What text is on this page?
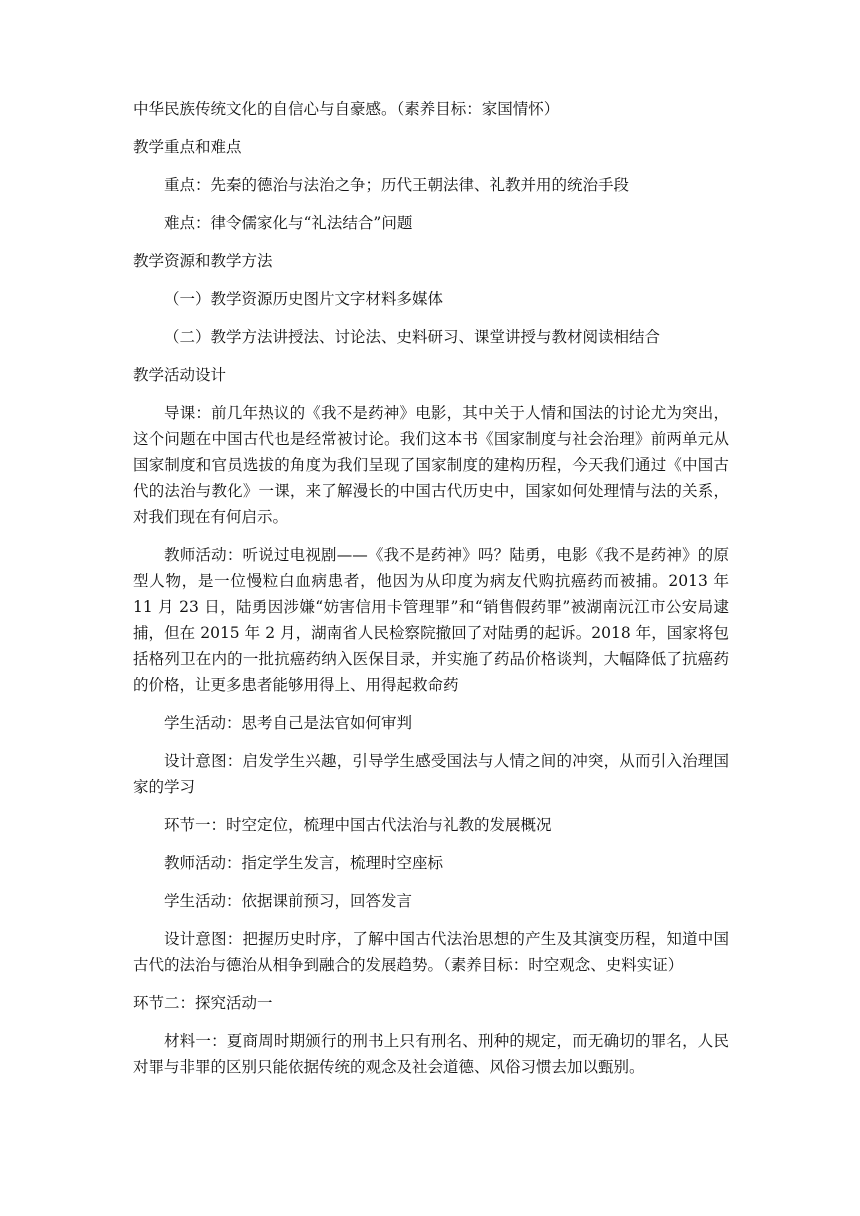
中华民族传统文化的自信心与自豪感。（素养目标：家国情怀）

教学重点和难点

重点：先秦的德治与法治之争；历代王朝法律、礼教并用的统治手段

难点：律令儒家化与“礼法结合”问题

教学资源和教学方法

（一）教学资源历史图片文字材料多媒体

（二）教学方法讲授法、讨论法、史料研习、课堂讲授与教材阅读相结合

教学活动设计

导课：前几年热议的《我不是药神》电影，其中关于人情和国法的讨论尤为突出，这个问题在中国古代也是经常被讨论。我们这本书《国家制度与社会治理》前两单元从国家制度和官员选拔的角度为我们呈现了国家制度的建构历程，今天我们通过《中国古代的法治与教化》一课，来了解漫长的中国古代历史中，国家如何处理情与法的关系，对我们现在有何启示。

教师活动：听说过电视剧——《我不是药神》吗？陆勇，电影《我不是药神》的原型人物，是一位慢粒白血病患者，他因为从印度为病友代购抗癌药而被捕。2013 年 11 月 23 日，陆勇因涉嫌“妨害信用卡管理罪”和“销售假药罪”被湖南沅江市公安局逮捕，但在 2015 年 2 月，湖南省人民检察院撤回了对陆勇的起诉。2018 年，国家将包括格列卫在内的一批抗癌药纳入医保目录，并实施了药品价格谈判，大幅降低了抗癌药的价格，让更多患者能够用得上、用得起救命药

学生活动：思考自己是法官如何审判

设计意图：启发学生兴趣，引导学生感受国法与人情之间的冲突，从而引入治理国家的学习

环节一：时空定位，梳理中国古代法治与礼教的发展概况

教师活动：指定学生发言，梳理时空座标

学生活动：依据课前预习，回答发言

设计意图：把握历史时序，了解中国古代法治思想的产生及其演变历程，知道中国古代的法治与德治从相争到融合的发展趋势。（素养目标：时空观念、史料实证）

环节二：探究活动一

材料一：夏商周时期颁行的刑书上只有刑名、刑种的规定，而无确切的罪名，人民对罪与非罪的区别只能依据传统的观念及社会道德、风俗习惯去加以甄别。
